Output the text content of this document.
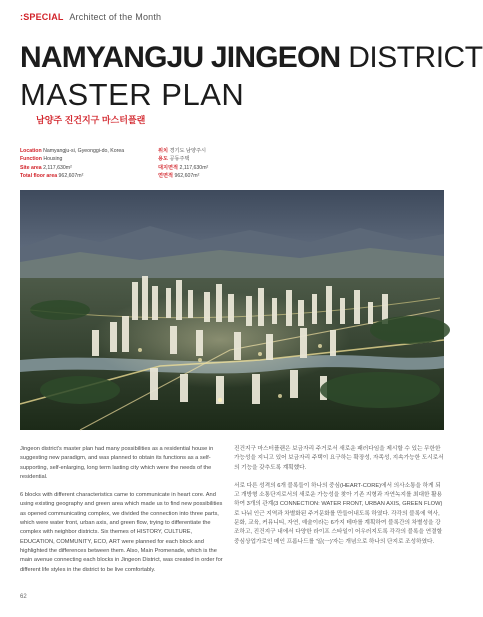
:SPECIAL Architect of the Month
NAMYANGJU JINGEON DISTRICT
MASTER PLAN
남양주 진건지구 마스터플랜
Location Namyangju-si, Gyeonggi-do, Korea
Function Housing
Site area 2,117,630m²
Total floor area 962,607m²
위치 경기도 남양주시
용도 공동주택
대지면적 2,117,630m²
연면적 962,607m²

Jingeon district's master plan had many possibilities as a residential house in suggesting new paradigm, and was planned to obtain its functions as a self-supporting, self-enlarging, long term lasting city which were the needs of the residential.

6 blocks with different characteristics came to communicate in heart core. And using existing geography and green area which made us to find new possibilities as opened communicating complex, we divided the connection into three parts, which were water front, urban axis, and green flow, trying to differentiate the complex with neighbor districts. Six themes of HISTORY, CULTURE, EDUCATION, COMMUNITY, ECO, ART were planned for each block and highlighted the differences between them. Also, Main Promenade, which is the main avenue connecting each blocks in Jingeon District, was created in order for different life styles in the district to be live comfortably.

진건지구 마스터플랜은 보금자리 주거로서 새로운 패러다임을 제시할 수 있는 무한한 가능성을 지니고 있어 보금자리 주택이 요구하는 확장성, 자족성, 지속가능한 도시로서의 기능을 갖추도록 계획했다.

서로 다른 성격의 6개 블록들이 하나의 중심(HEART-CORE)에서 의사소통을 하게 되고 개방형 소통단지로서의 새로운 가능성을 찾아 기존 지형과 자연녹지를 최대한 활용하여 3개의 관계(3 CONNECTION: WATER FRONT, URBAN AXIS, GREEN FLOW)로 나눠 인근 지역과 차별화된 주거문화를 만들어내도록 하였다. 각각의 블록에 역사, 문화, 교육, 커뮤니티, 자연, 예술이라는 6가지 테마를 계획하여 블록간의 차별성을 강조하고, 진건지구 내에서 다양한 라이프 스타일이 어우러지도록 각각의 블록을 연결할 중심상업가로인 메인 프롬나드를 '일(一)'자는 개념으로 하나의 단지로 조성하였다.

62
